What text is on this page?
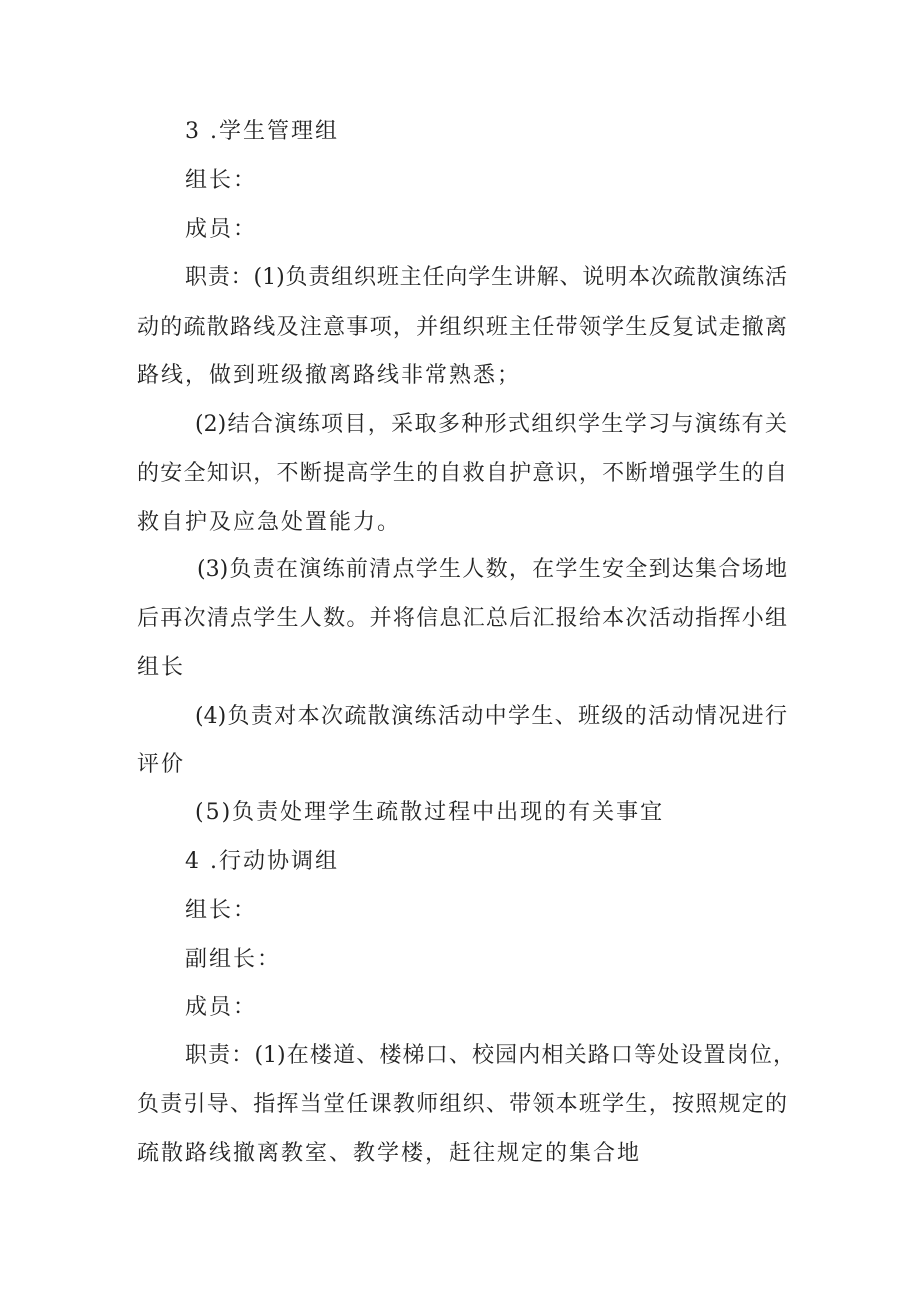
3 .学生管理组
组长：
成员：
职责：(1)负责组织班主任向学生讲解、说明本次疏散演练活
动的疏散路线及注意事项，并组织班主任带领学生反复试走撤离
路线，做到班级撤离路线非常熟悉；
(2)结合演练项目，采取多种形式组织学生学习与演练有关
的安全知识，不断提高学生的自救自护意识，不断增强学生的自
救自护及应急处置能力。
(3)负责在演练前清点学生人数，在学生安全到达集合场地
后再次清点学生人数。并将信息汇总后汇报给本次活动指挥小组
组长
(4)负责对本次疏散演练活动中学生、班级的活动情况进行
评价
(5)负责处理学生疏散过程中出现的有关事宜
4 .行动协调组
组长：
副组长：
成员：
职责：(1)在楼道、楼梯口、校园内相关路口等处设置岗位，
负责引导、指挥当堂任课教师组织、带领本班学生，按照规定的
疏散路线撤离教室、教学楼，赶往规定的集合地
